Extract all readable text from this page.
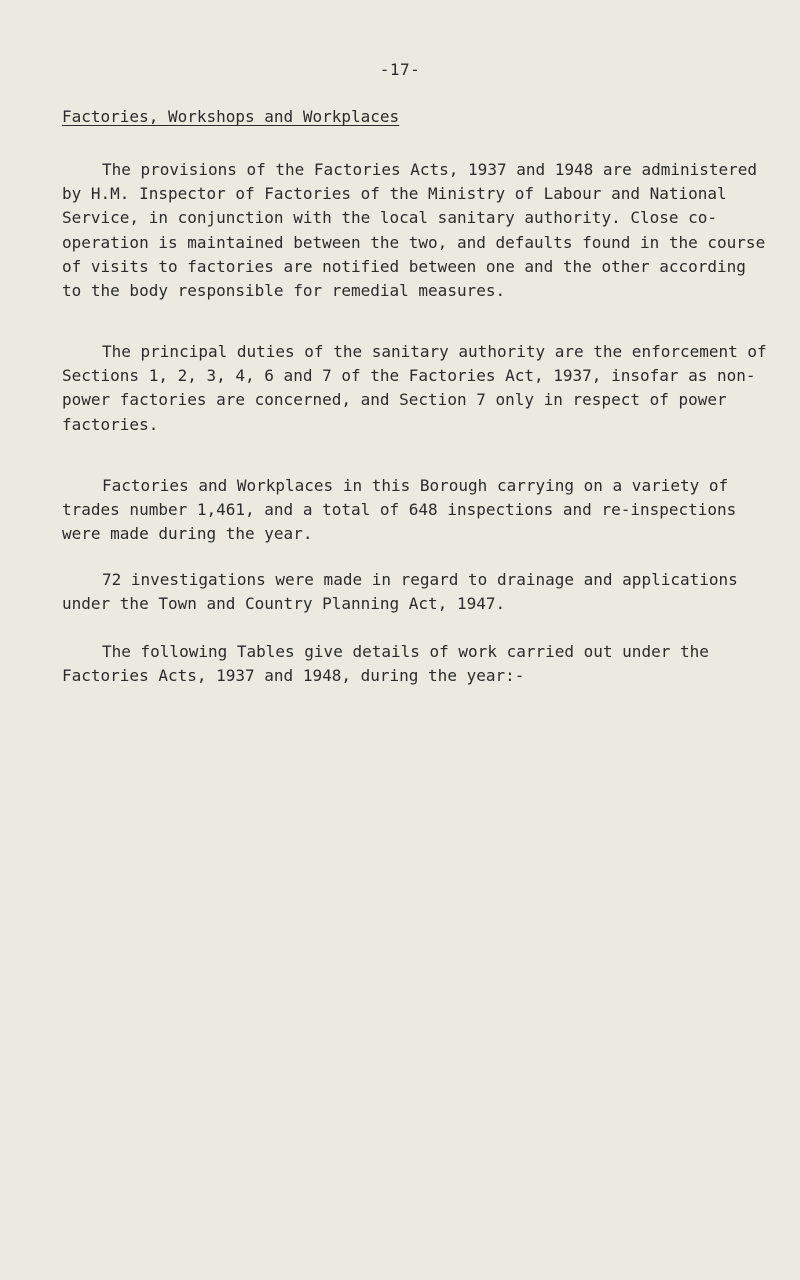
-17-
Factories, Workshops and Workplaces

The provisions of the Factories Acts, 1937 and 1948 are administered by H.M. Inspector of Factories of the Ministry of Labour and National Service, in conjunction with the local sanitary authority. Close co-operation is maintained between the two, and defaults found in the course of visits to factories are notified between one and the other according to the body responsible for remedial measures.

The principal duties of the sanitary authority are the enforcement of Sections 1, 2, 3, 4, 6 and 7 of the Factories Act, 1937, insofar as non-power factories are concerned, and Section 7 only in respect of power factories.

Factories and Workplaces in this Borough carrying on a variety of trades number 1,461, and a total of 648 inspections and re-inspections were made during the year.

72 investigations were made in regard to drainage and applications under the Town and Country Planning Act, 1947.

The following Tables give details of work carried out under the Factories Acts, 1937 and 1948, during the year:-
